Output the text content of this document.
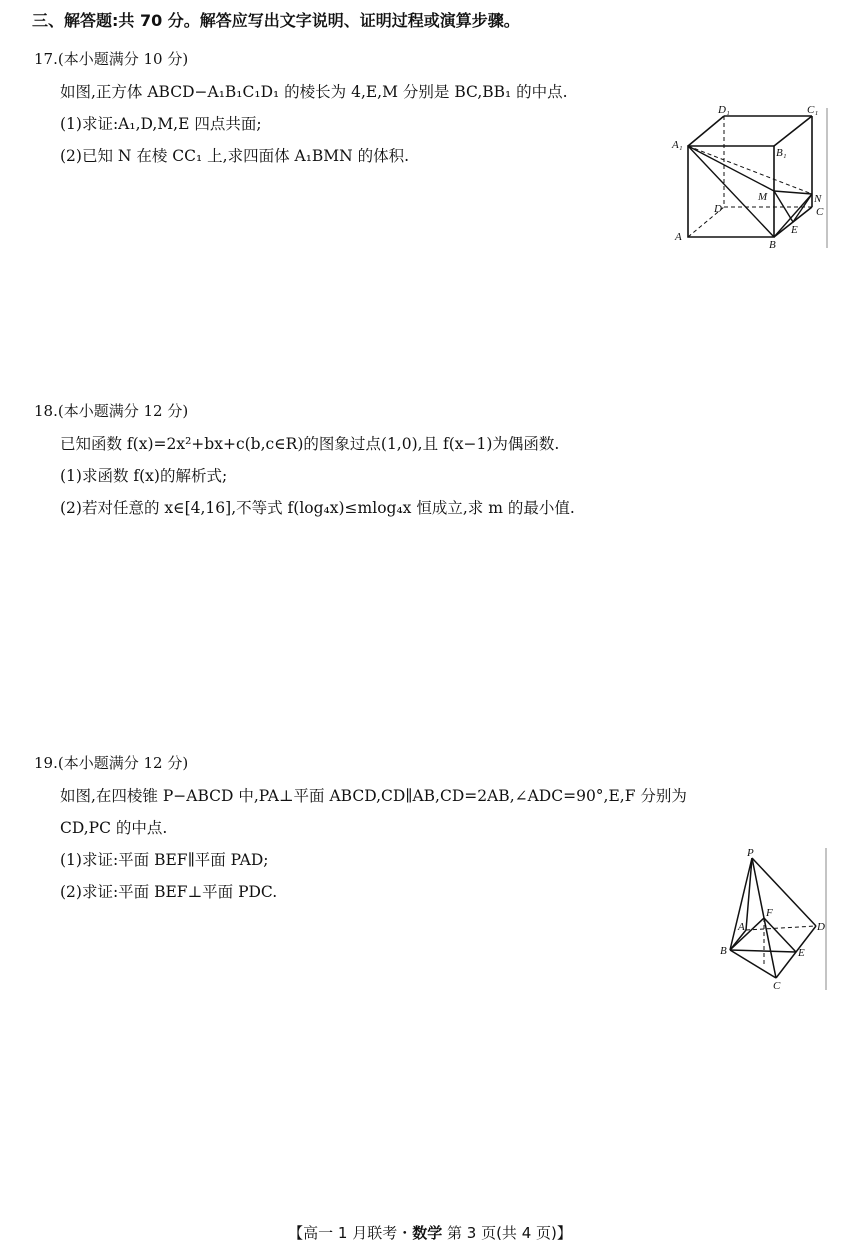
三、解答题:共 70 分。解答应写出文字说明、证明过程或演算步骤。
17.(本小题满分 10 分)
如图,正方体 ABCD−A₁B₁C₁D₁ 的棱长为 4,E,M 分别是 BC,BB₁ 的中点.
(1)求证:A₁,D,M,E 四点共面;
(2)已知 N 在棱 CC₁ 上,求四面体 A₁BMN 的体积.
D₁	C₁
A₁
B₁
M	N
D	C
A
B
E
18.(本小题满分 12 分)
已知函数 f(x)=2x²+bx+c(b,c∈R)的图象过点(1,0),且 f(x−1)为偶函数.
(1)求函数 f(x)的解析式;
(2)若对任意的 x∈[4,16],不等式 f(log₄x)≤mlog₄x 恒成立,求 m 的最小值.
19.(本小题满分 12 分)
如图,在四棱锥 P−ABCD 中,PA⊥平面 ABCD,CD∥AB,CD=2AB,∠ADC=90°,E,F 分别为
CD,PC 的中点.
(1)求证:平面 BEF∥平面 PAD;
(2)求证:平面 BEF⊥平面 PDC.
P
F
A	D
B	E
C
【高一 1 月联考・数学 第 3 页(共 4 页)】
